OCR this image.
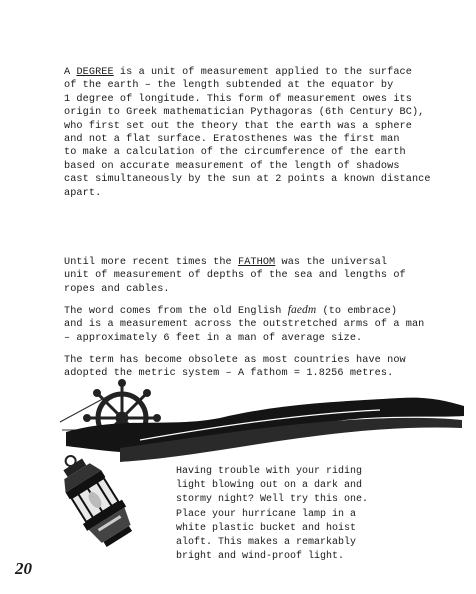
A DEGREE is a unit of measurement applied to the surface
of the earth – the length subtended at the equator by
1 degree of longitude. This form of measurement owes its
origin to Greek mathematician Pythagoras (6th Century BC),
who first set out the theory that the earth was a sphere
and not a flat surface. Eratosthenes was the first man
to make a calculation of the circumference of the earth
based on accurate measurement of the length of shadows
cast simultaneously by the sun at 2 points a known distance
apart.

Until more recent times the FATHOM was the universal
unit of measurement of depths of the sea and lengths of
ropes and cables.

The word comes from the old English faedm (to embrace)
and is a measurement across the outstretched arms of a man
– approximately 6 feet in a man of average size.

The term has become obsolete as most countries have now
adopted the metric system – A fathom = 1.8256 metres.

Having trouble with your riding
light blowing out on a dark and
stormy night? Well try this one.
Place your hurricane lamp in a
white plastic bucket and hoist
aloft. This makes a remarkably
bright and wind-proof light.

20
